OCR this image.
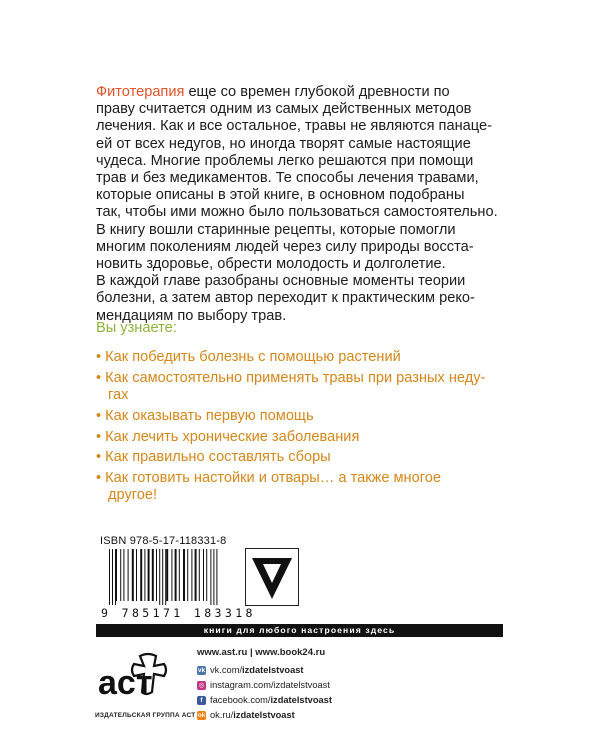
Фитотерапия еще со времен глубокой древности по
праву считается одним из самых действенных методов
лечения. Как и все остальное, травы не являются панаце-
ей от всех недугов, но иногда творят самые настоящие
чудеса. Многие проблемы легко решаются при помощи
трав и без медикаментов. Те способы лечения травами,
которые описаны в этой книге, в основном подобраны
так, чтобы ими можно было пользоваться самостоятельно.
В книгу вошли старинные рецепты, которые помогли
многим поколениям людей через силу природы восста-
новить здоровье, обрести молодость и долголетие.
В каждой главе разобраны основные моменты теории
болезни, а затем автор переходит к практическим реко-
мендациям по выбору трав.
Вы узнаете:
• Как победить болезнь с помощью растений
• Как самостоятельно применять травы при разных неду-
гах
• Как оказывать первую помощь
• Как лечить хронические заболевания
• Как правильно составлять сборы
• Как готовить настойки и отвары… а также многое
другое!
ISBN 978-5-17-118331-8
9 785171 183318
книги для любого настроения здесь
аст
ИЗДАТЕЛЬСКАЯ ГРУППА АСТ
www.ast.ru | www.book24.ru
vk vk.com/ izdatelstvoast
◎ instagram.com/ izdatelstvoast
f facebook.com/ izdatelstvoast
ok ok.ru/ izdatelstvoast
